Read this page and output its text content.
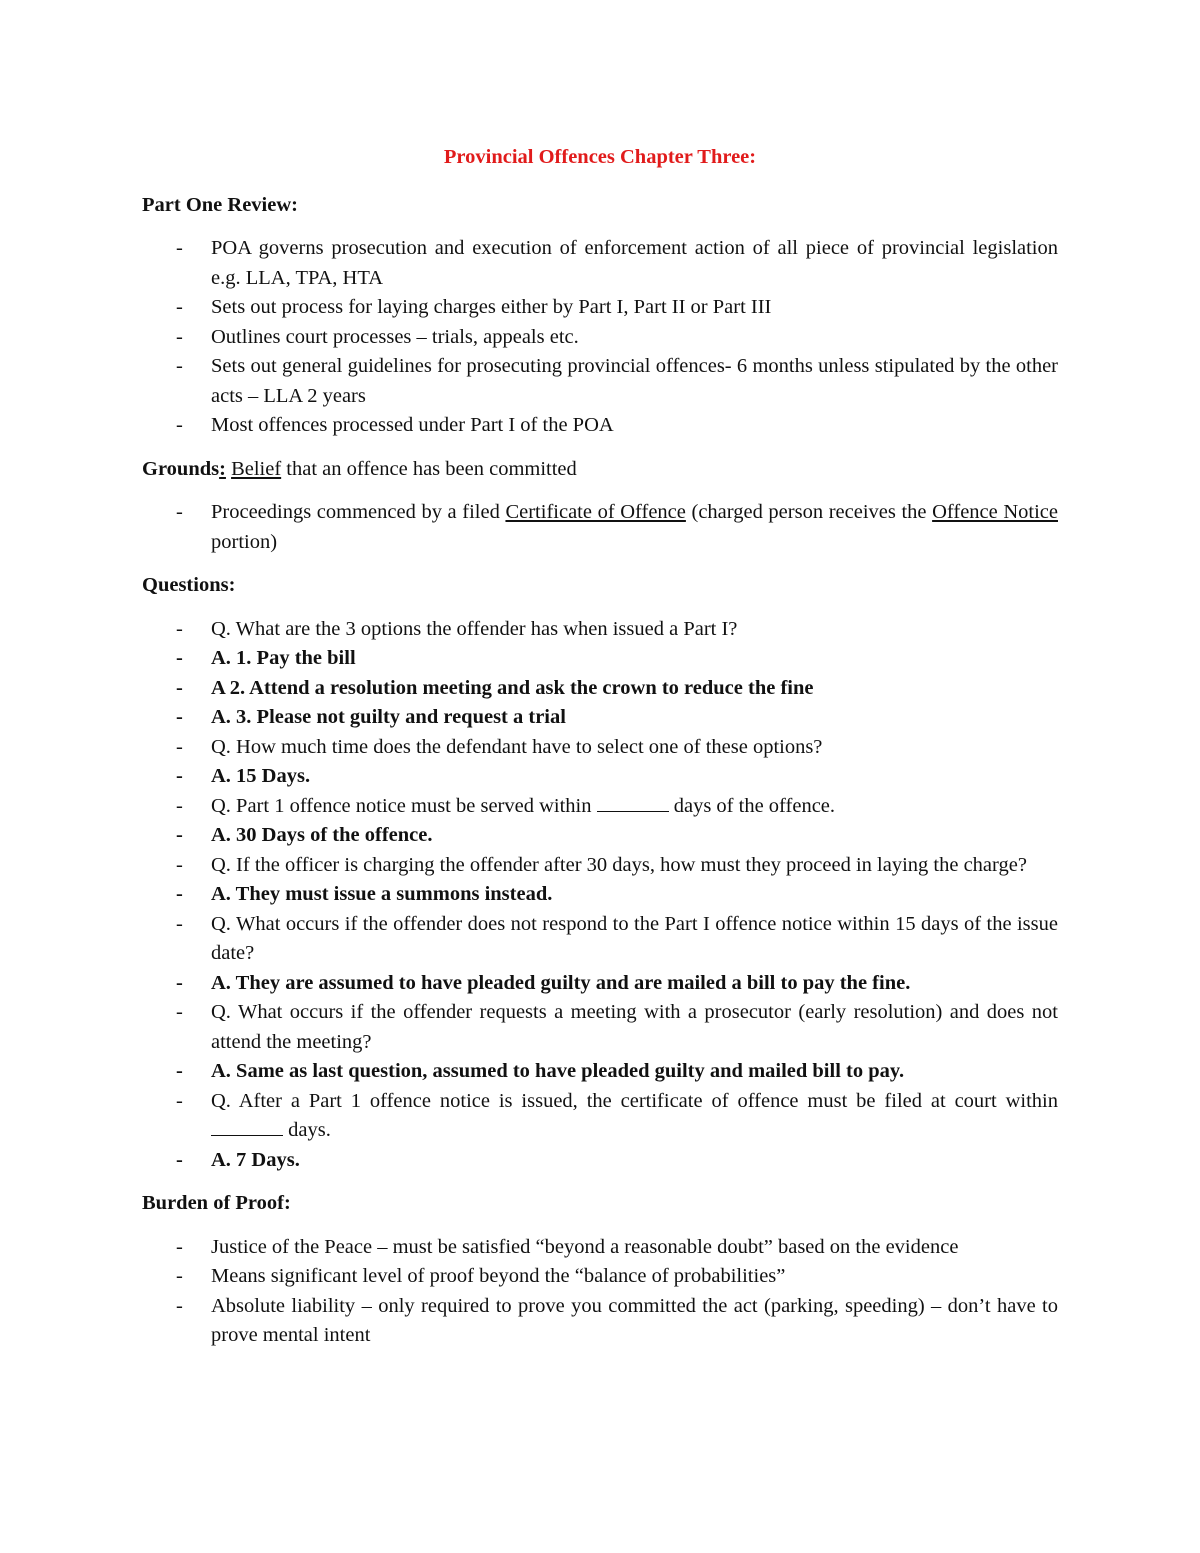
Provincial Offences Chapter Three:

Part One Review:

- POA governs prosecution and execution of enforcement action of all piece of provincial legislation e.g. LLA, TPA, HTA
- Sets out process for laying charges either by Part I, Part II or Part III
- Outlines court processes – trials, appeals etc.
- Sets out general guidelines for prosecuting provincial offences- 6 months unless stipulated by the other acts – LLA 2 years
- Most offences processed under Part I of the POA

Grounds: Belief that an offence has been committed

- Proceedings commenced by a filed Certificate of Offence (charged person receives the Offence Notice portion)

Questions:

- Q. What are the 3 options the offender has when issued a Part I?
- A. 1. Pay the bill
- A 2. Attend a resolution meeting and ask the crown to reduce the fine
- A. 3. Please not guilty and request a trial
- Q. How much time does the defendant have to select one of these options?
- A. 15 Days.
- Q. Part 1 offence notice must be served within	days of the offence.
- A. 30 Days of the offence.
- Q. If the officer is charging the offender after 30 days, how must they proceed in laying the charge?
- A. They must issue a summons instead.
- Q. What occurs if the offender does not respond to the Part I offence notice within 15 days of the issue date?
- A. They are assumed to have pleaded guilty and are mailed a bill to pay the fine.
- Q. What occurs if the offender requests a meeting with a prosecutor (early resolution) and does not attend the meeting?
- A. Same as last question, assumed to have pleaded guilty and mailed bill to pay.
- Q. After a Part 1 offence notice is issued, the certificate of offence must be filed at court within  days.
- A. 7 Days.

Burden of Proof:

- Justice of the Peace – must be satisfied “beyond a reasonable doubt” based on the evidence
- Means significant level of proof beyond the “balance of probabilities”
- Absolute liability – only required to prove you committed the act (parking, speeding) – don’t have to prove mental intent
